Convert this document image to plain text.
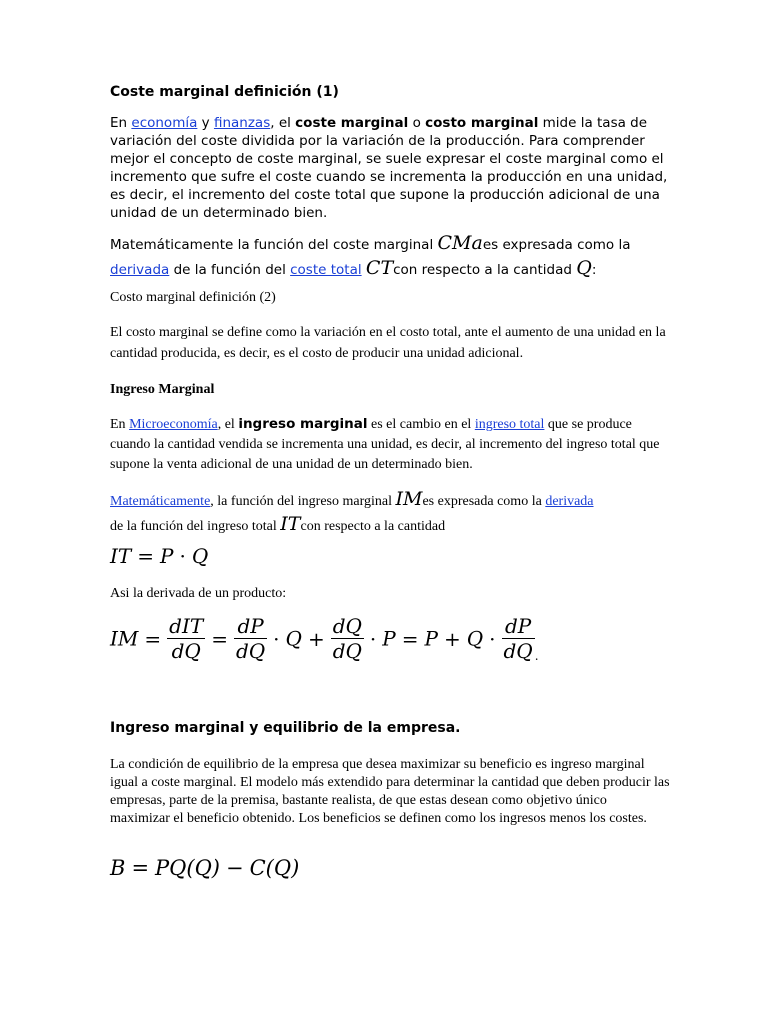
Coste marginal definición (1)
En economía y finanzas, el coste marginal o costo marginal mide la tasa de variación del coste dividida por la variación de la producción. Para comprender mejor el concepto de coste marginal, se suele expresar el coste marginal como el incremento que sufre el coste cuando se incrementa la producción en una unidad, es decir, el incremento del coste total que supone la producción adicional de una unidad de un determinado bien.
Matemáticamente la función del coste marginal CMaes expresada como la
derivada de la función del coste total CTcon respecto a la cantidad Q:
Costo marginal definición (2)
El costo marginal se define como la variación en el costo total, ante el aumento de una unidad en la cantidad producida, es decir, es el costo de producir una unidad adicional.
Ingreso Marginal
En Microeconomía, el ingreso marginal es el cambio en el ingreso total que se produce cuando la cantidad vendida se incrementa una unidad, es decir, al incremento del ingreso total que supone la venta adicional de una unidad de un determinado bien.
Matemáticamente, la función del ingreso marginal IMes expresada como la derivada
de la función del ingreso total ITcon respecto a la cantidad
IT = P · Q
Asi la derivada de un producto:
IM = $\frac{\text{dIT}}{dQ} = \frac{dP}{dQ} \cdot Q + \frac{dQ}{dQ} \cdot P = P + Q \cdot \frac{dP}{dQ}$ .
Ingreso marginal y equilibrio de la empresa.
La condición de equilibrio de la empresa que desea maximizar su beneficio es ingreso marginal igual a coste marginal. El modelo más extendido para determinar la cantidad que deben producir las empresas, parte de la premisa, bastante realista, de que estas desean como objetivo único maximizar el beneficio obtenido. Los beneficios se definen como los ingresos menos los costes.
B = PQ(Q) − C(Q)
